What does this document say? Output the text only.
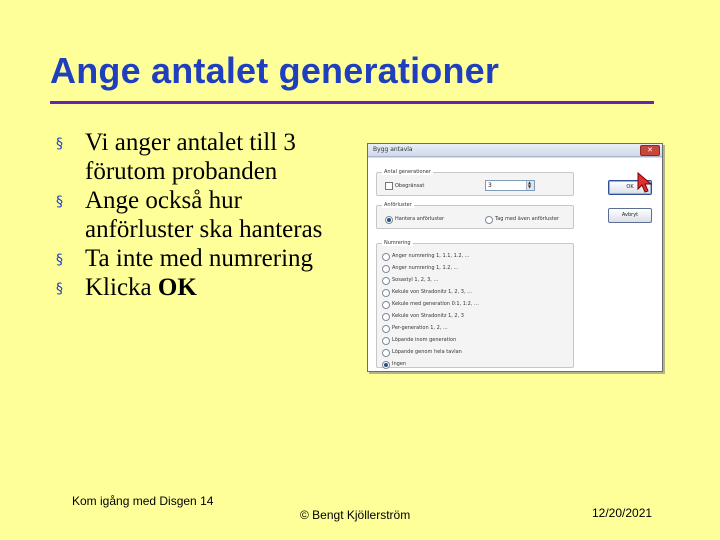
Ange antalet generationer
§ Vi anger antalet till 3 förutom probanden
§ Ange också hur anförluster ska hanteras
§ Ta inte med numrering
§ Klicka OK
Bygg antavla	✕
Antal generationer
Obegränsat	3	▲
▼
Anförluster
Hantera anförluster	Tag med även anförluster
Numrering
Anger numrering 1, 1.1, 1.2, ...
Anger numrering 1, 1.2, ...
Sosastyl 1, 2, 3, ...
Kekule von Stradonitz 1, 2, 3, ...
Kekule med generation 0:1, 1:2, ...
Kekule von Stradonitz 1, 2, 3
Per-generation 1, 2, ...
Löpande inom generation
Löpande genom hela tavlan
Ingen
OK
Avbryt
Kom igång med Disgen 14
© Bengt Kjöllerström	12/20/2021
